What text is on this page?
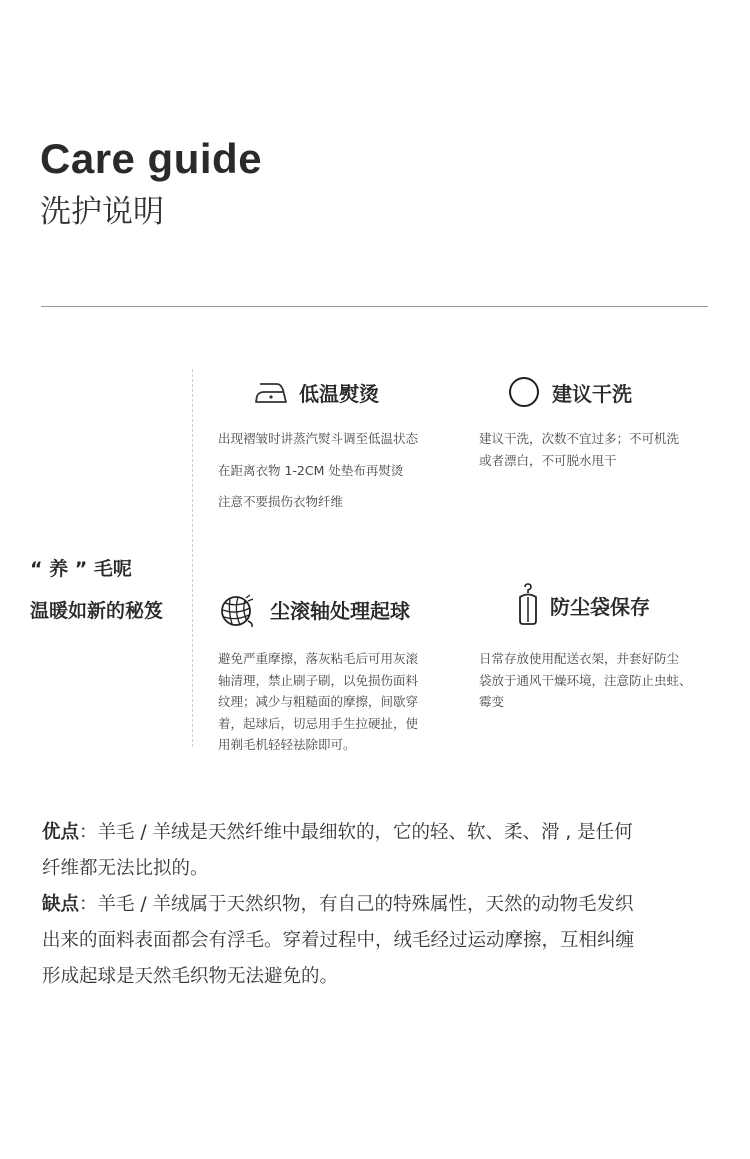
Care guide
洗护说明
“ 养 ” 毛呢
温暖如新的秘笈
低温熨烫

出现褶皱时讲蒸汽熨斗调至低温状态

在距离衣物 1-2CM 处垫布再熨烫

注意不要损伤衣物纤维

建议干洗

建议干洗，次数不宜过多；不可机洗

或者漂白，不可脱水甩干

尘滚轴处理起球

避免严重摩擦，落灰粘毛后可用灰滚

轴清理，禁止刷子刷，以免损伤面料

纹理；减少与粗糙面的摩擦，间歇穿

着，起球后，切忌用手生拉硬扯，使

用剃毛机轻轻祛除即可。

防尘袋保存

日常存放使用配送衣架，并套好防尘

袋放于通风干燥环境，注意防止虫蛀、

霉变

优点：羊毛 / 羊绒是天然纤维中最细软的，它的轻、软、柔、滑 , 是任何

纤维都无法比拟的。

缺点：羊毛 / 羊绒属于天然织物，有自己的特殊属性，天然的动物毛发织

出来的面料表面都会有浮毛。穿着过程中，绒毛经过运动摩擦，互相纠缠

形成起球是天然毛织物无法避免的。
